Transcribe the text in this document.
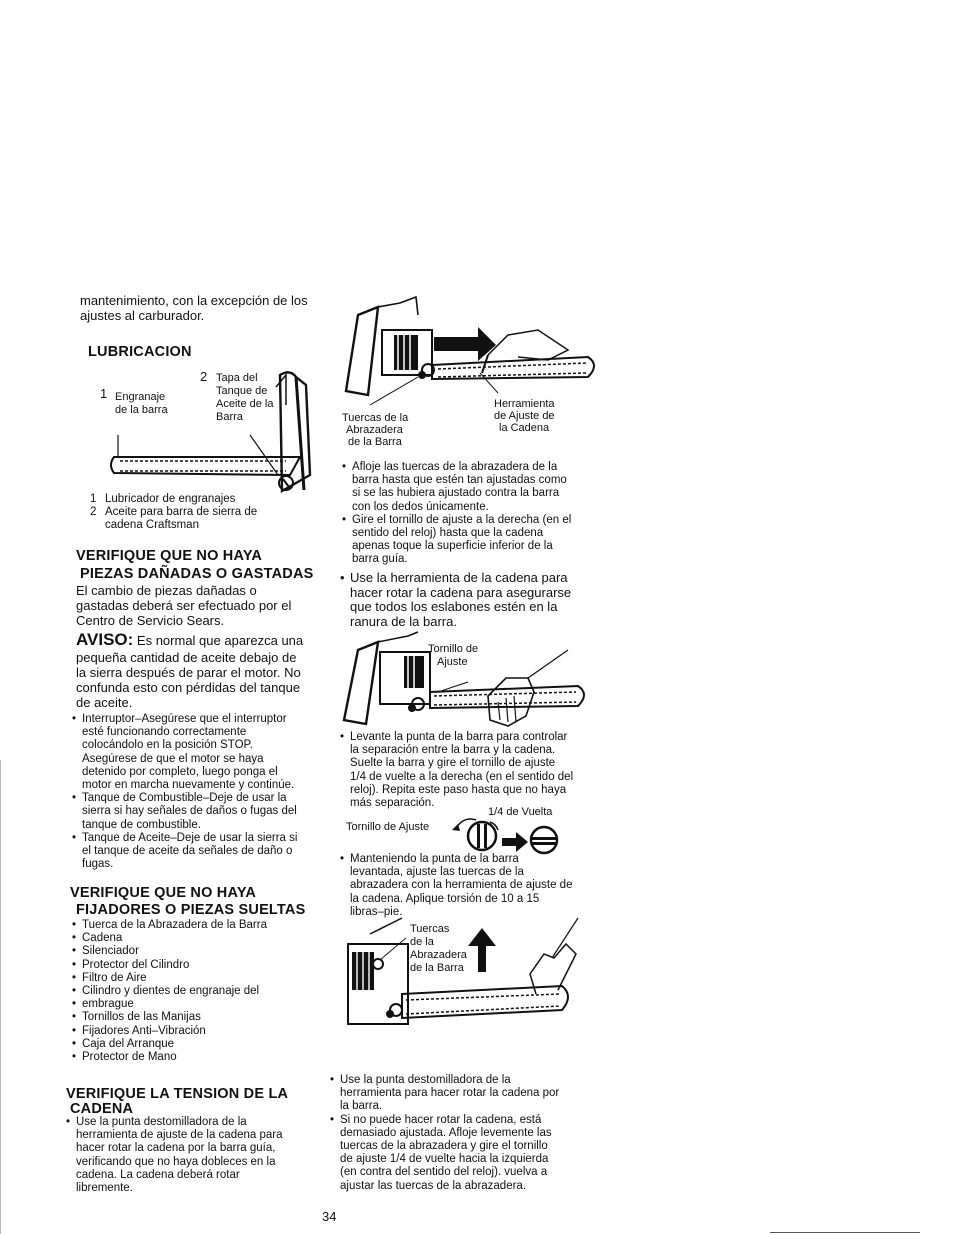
mantenimiento, con la excepción de los

ajustes al carburador.

LUBRICACION

1 Engranaje

de la barra

2 Tapa del

Tanque de

Aceite de la

Barra

1 Lubricador de engranajes

2 Aceite para barra de sierra de

cadena Craftsman

VERIFIQUE QUE NO HAYA

PIEZAS DAÑADAS O GASTADAS

El cambio de piezas dañadas o

gastadas deberá ser efectuado por el

Centro de Servicio Sears.

AVISO: Es normal que aparezca una

pequeña cantidad de aceite debajo de

la sierra después de parar el motor. No

confunda esto con pérdidas del tanque

de aceite.

• Interruptor–Asegúrese que el interruptor
esté funcionando correctamente
colocándolo en la posición STOP.
Asegúrese de que el motor se haya
detenido por completo, luego ponga el
motor en marcha nuevamente y continúe.
• Tanque de Combustible–Deje de usar la
sierra si hay señales de daños o fugas del
tanque de combustible.
• Tanque de Aceite–Deje de usar la sierra si
el tanque de aceite da señales de daño o
fugas.

VERIFIQUE QUE NO HAYA

FIJADORES O PIEZAS SUELTAS

• Tuerca de la Abrazadera de la Barra
• Cadena
• Silenciador
• Protector del Cilindro
• Filtro de Aire
• Cilindro y dientes de engranaje del
• embrague
• Tornillos de las Manijas
• Fijadores Anti–Vibración
• Caja del Arranque
• Protector de Mano

VERIFIQUE LA TENSION DE LA

CADENA

• Use la punta destomilladora de la
herramienta de ajuste de la cadena para
hacer rotar la cadena por la barra guía,
verificando que no haya dobleces en la
cadena. La cadena deberá rotar
libremente.

Tuercas de la

Abrazadera

de la Barra

Herramienta

de Ajuste de

la Cadena

• Afloje las tuercas de la abrazadera de la
barra hasta que estén tan ajustadas como
si se las hubiera ajustado contra la barra
con los dedos únicamente.
• Gire el tornillo de ajuste a la derecha (en el
sentido del reloj) hasta que la cadena
apenas toque la superficie inferior de la
barra guía.
• Use la herramienta de la cadena para
hacer rotar la cadena para asegurarse
que todos los eslabones estén en la
ranura de la barra.

Tornillo de

Ajuste

• Levante la punta de la barra para controlar
la separación entre la barra y la cadena.
Suelte la barra y gire el tornillo de ajuste
1/4 de vuelte a la derecha (en el sentido del
reloj). Repita este paso hasta que no haya
más separación.

1/4 de Vuelta

Tornillo de Ajuste

• Manteniendo la punta de la barra
levantada, ajuste las tuercas de la
abrazadera con la herramienta de ajuste de
la cadena. Aplique torsión de 10 a 15
libras–pie.

Tuercas

de la

Abrazadera

de la Barra

• Use la punta destomilladora de la
herramienta para hacer rotar la cadena por
la barra.
• Si no puede hacer rotar la cadena, está
demasiado ajustada. Afloje levemente las
tuercas de la abrazadera y gire el tornillo
de ajuste 1/4 de vuelte hacia la izquierda
(en contra del sentido del reloj). vuelva a
ajustar las tuercas de la abrazadera.

34
